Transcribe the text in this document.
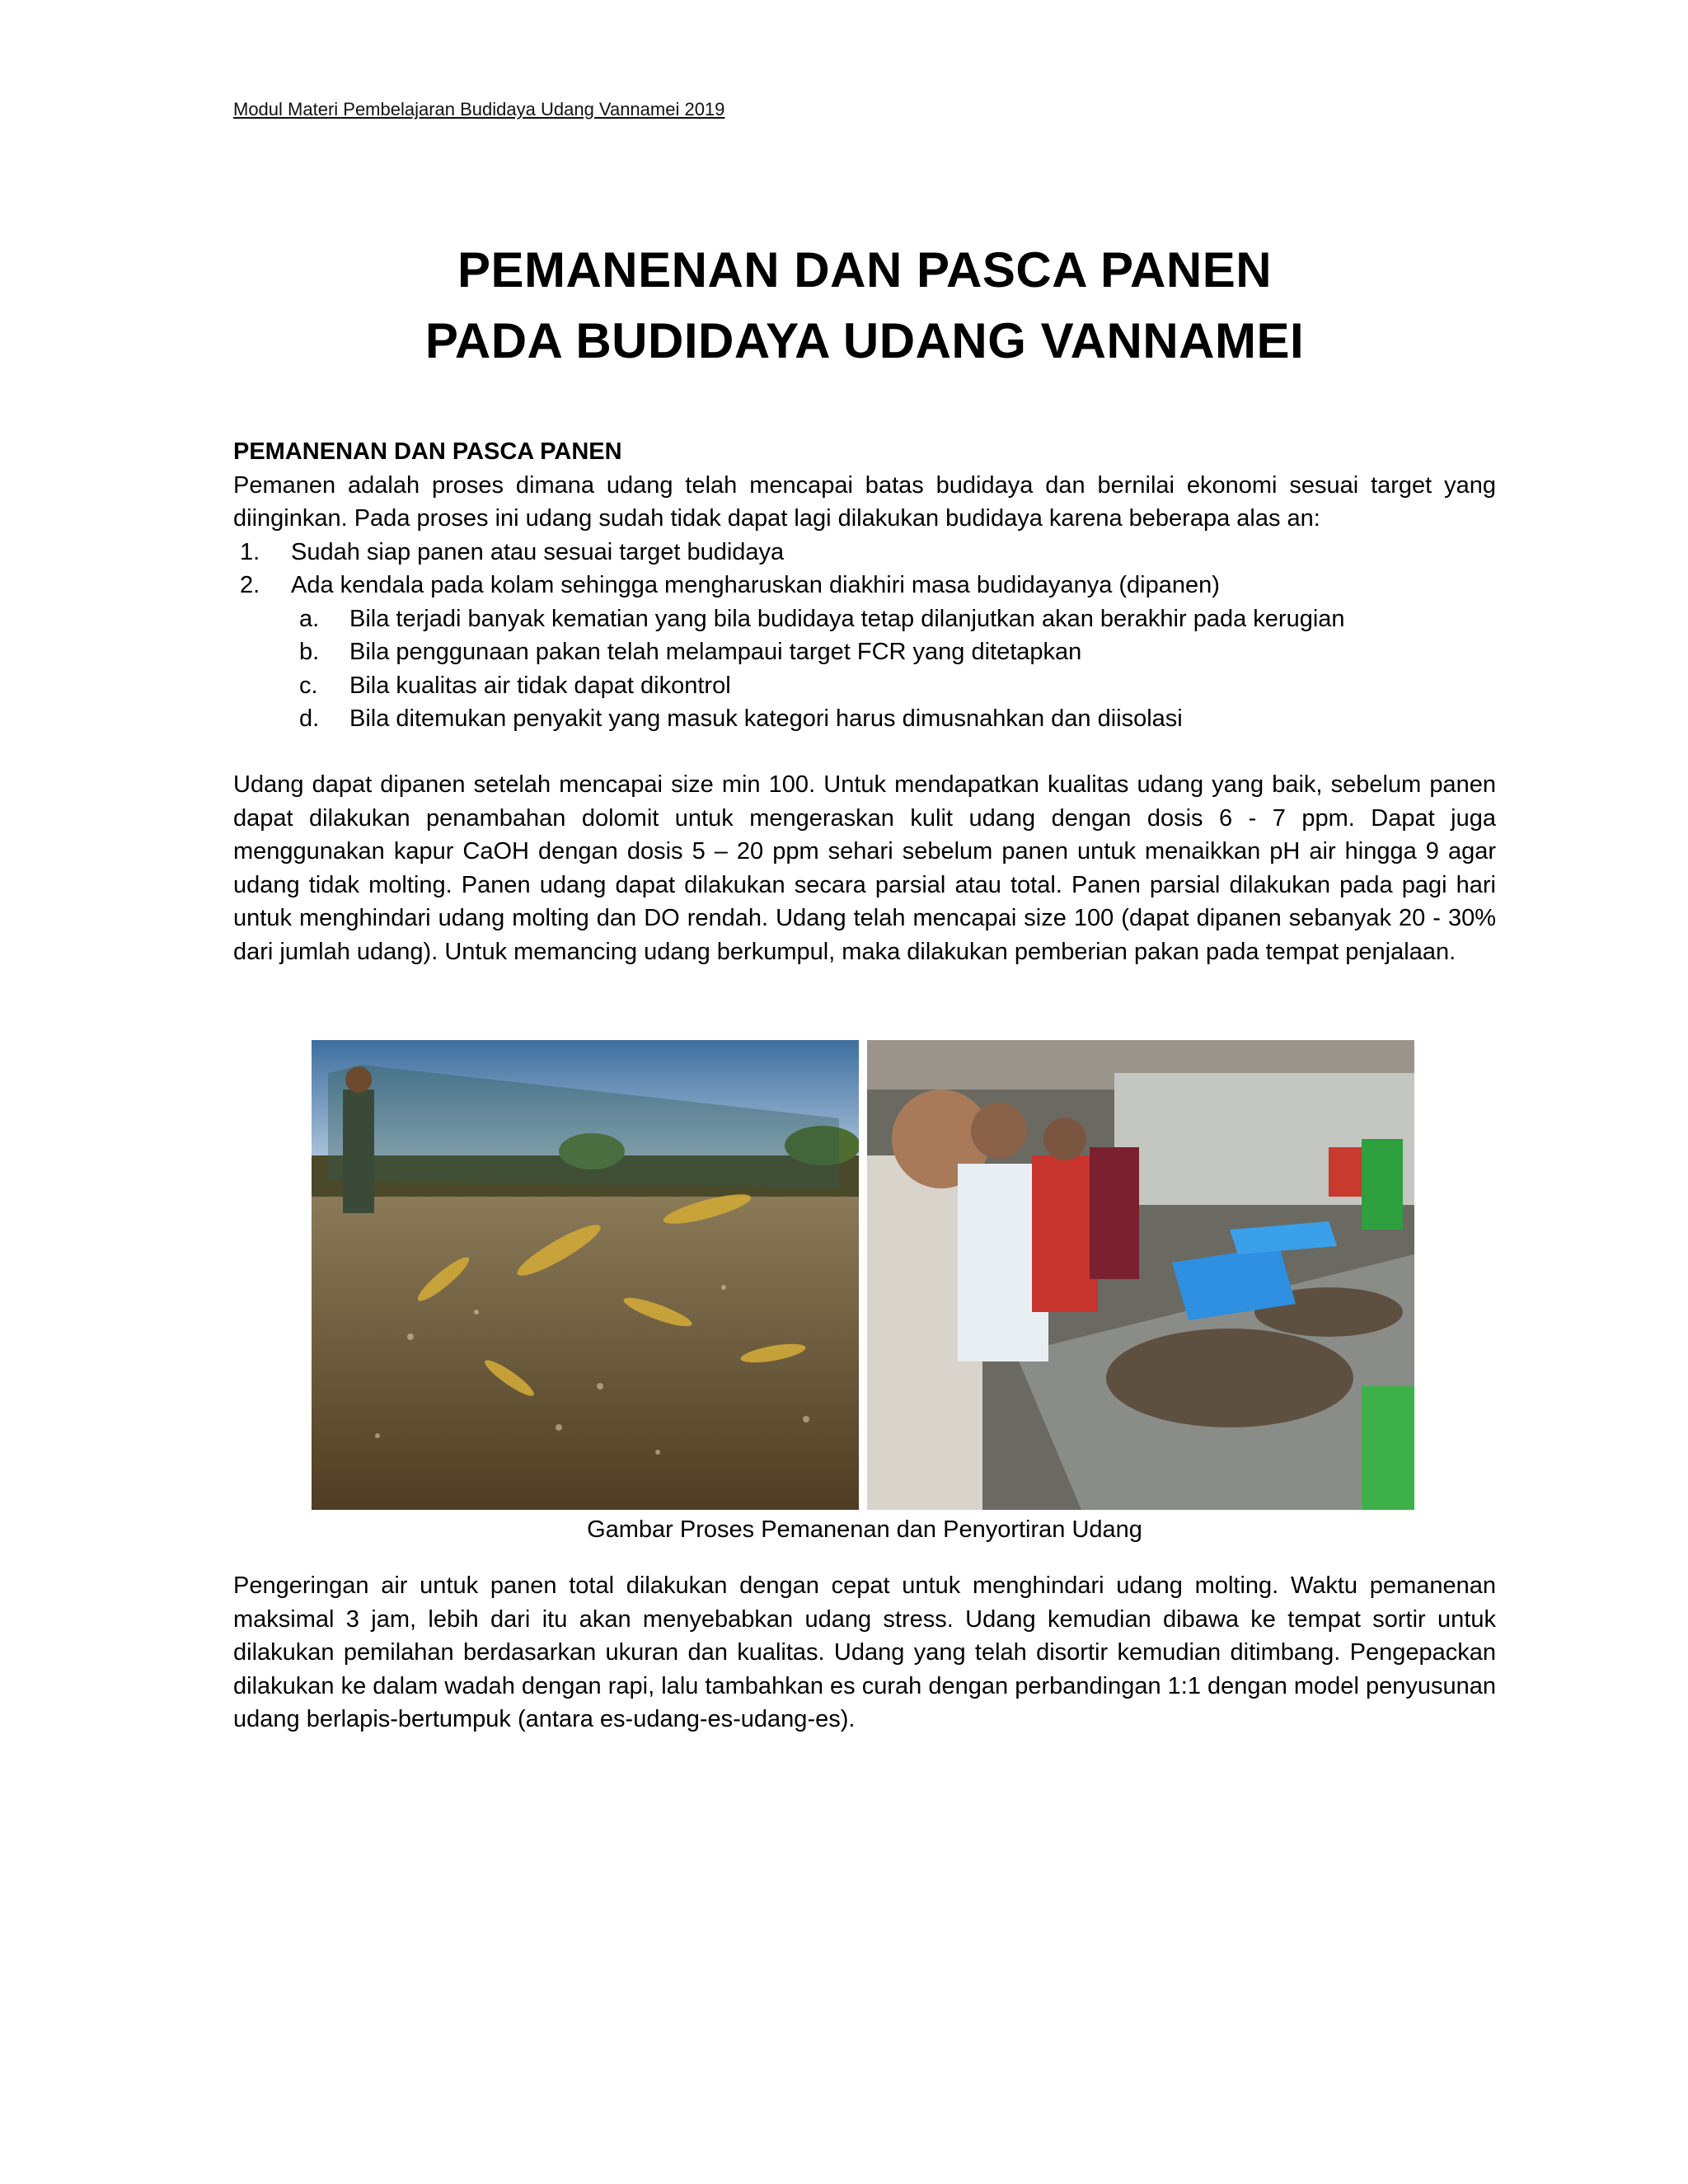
Modul Materi Pembelajaran Budidaya Udang Vannamei 2019
PEMANENAN DAN PASCA PANEN
PADA BUDIDAYA UDANG VANNAMEI
PEMANENAN DAN PASCA PANEN
Pemanen adalah proses dimana udang telah mencapai batas budidaya dan bernilai ekonomi sesuai target yang diinginkan. Pada proses ini udang sudah tidak dapat lagi dilakukan budidaya karena beberapa alas an:
1. Sudah siap panen atau sesuai target budidaya
2. Ada kendala pada kolam sehingga mengharuskan diakhiri masa budidayanya (dipanen)
a. Bila terjadi banyak kematian yang bila budidaya tetap dilanjutkan akan berakhir pada kerugian
b. Bila penggunaan pakan telah melampaui target FCR yang ditetapkan
c. Bila kualitas air tidak dapat dikontrol
d. Bila ditemukan penyakit yang masuk kategori harus dimusnahkan dan diisolasi
Udang dapat dipanen setelah mencapai size min 100. Untuk mendapatkan kualitas udang yang baik, sebelum panen dapat dilakukan penambahan dolomit untuk mengeraskan kulit udang dengan dosis 6 - 7 ppm. Dapat juga menggunakan kapur CaOH dengan dosis 5 – 20 ppm sehari sebelum panen untuk menaikkan pH air hingga 9 agar udang tidak molting. Panen udang dapat dilakukan secara parsial atau total. Panen parsial dilakukan pada pagi hari untuk menghindari udang molting dan DO rendah. Udang telah mencapai size 100 (dapat dipanen sebanyak 20 - 30% dari jumlah udang). Untuk memancing udang berkumpul, maka dilakukan pemberian pakan pada tempat penjalaan.
Gambar Proses Pemanenan dan Penyortiran Udang
Pengeringan air untuk panen total dilakukan dengan cepat untuk menghindari udang molting. Waktu pemanenan maksimal 3 jam, lebih dari itu akan menyebabkan udang stress. Udang kemudian dibawa ke tempat sortir untuk dilakukan pemilahan berdasarkan ukuran dan kualitas. Udang yang telah disortir kemudian ditimbang. Pengepackan dilakukan ke dalam wadah dengan rapi, lalu tambahkan es curah dengan perbandingan 1:1 dengan model penyusunan udang berlapis-bertumpuk (antara es-udang-es-udang-es).
